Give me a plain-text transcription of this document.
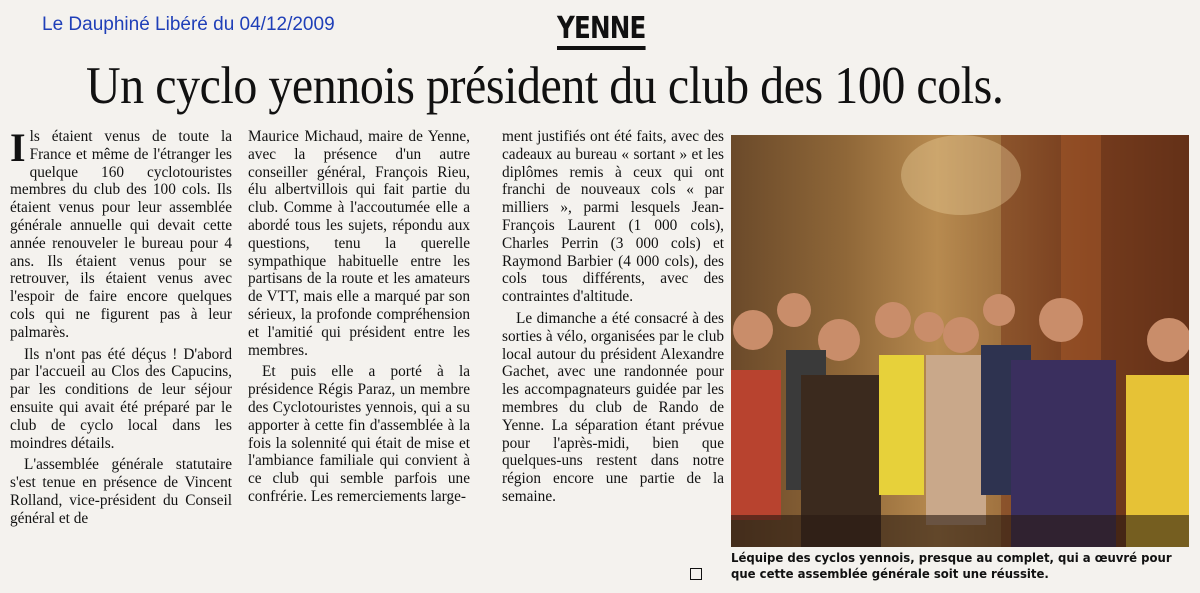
Le Dauphiné Libéré du 04/12/2009	YENNE
Un cyclo yennois président du club des 100 cols.

Ils étaient venus de toute la France et même de l'étranger les quelque 160 cyclotouristes membres du club des 100 cols. Ils étaient venus pour leur assemblée générale annuelle qui devait cette année renouveler le bureau pour 4 ans. Ils étaient venus pour se retrouver, ils étaient venus avec l'espoir de faire encore quelques cols qui ne figurent pas à leur palmarès.

Ils n'ont pas été déçus ! D'abord par l'accueil au Clos des Capucins, par les conditions de leur séjour ensuite qui avait été préparé par le club de cyclo local dans les moindres détails.

L'assemblée générale statutaire s'est tenue en présence de Vincent Rolland, vice-président du Conseil général et de

Maurice Michaud, maire de Yenne, avec la présence d'un autre conseiller général, François Rieu, élu albertvillois qui fait partie du club. Comme à l'accoutumée elle a abordé tous les sujets, répondu aux questions, tenu la querelle sympathique habituelle entre les partisans de la route et les amateurs de VTT, mais elle a marqué par son sérieux, la profonde compréhension et l'amitié qui président entre les membres.

Et puis elle a porté à la présidence Régis Paraz, un membre des Cyclotouristes yennois, qui a su apporter à cette fin d'assemblée à la fois la solennité qui était de mise et l'ambiance familiale qui convient à ce club qui semble parfois une confrérie. Les remerciements large-

ment justifiés ont été faits, avec des cadeaux au bureau « sortant » et les diplômes remis à ceux qui ont franchi de nouveaux cols « par milliers », parmi lesquels Jean-François Laurent (1 000 cols), Charles Perrin (3 000 cols) et Raymond Barbier (4 000 cols), des cols tous différents, avec des contraintes d'altitude.

Le dimanche a été consacré à des sorties à vélo, organisées par le club local autour du président Alexandre Gachet, avec une randonnée pour les accompagnateurs guidée par les membres du club de Rando de Yenne. La séparation étant prévue pour l'après-midi, bien que quelques-uns restent dans notre région encore une partie de la semaine.

Léquipe des cyclos yennois, presque au complet, qui a œuvré pour que cette assemblée générale soit une réussite.
